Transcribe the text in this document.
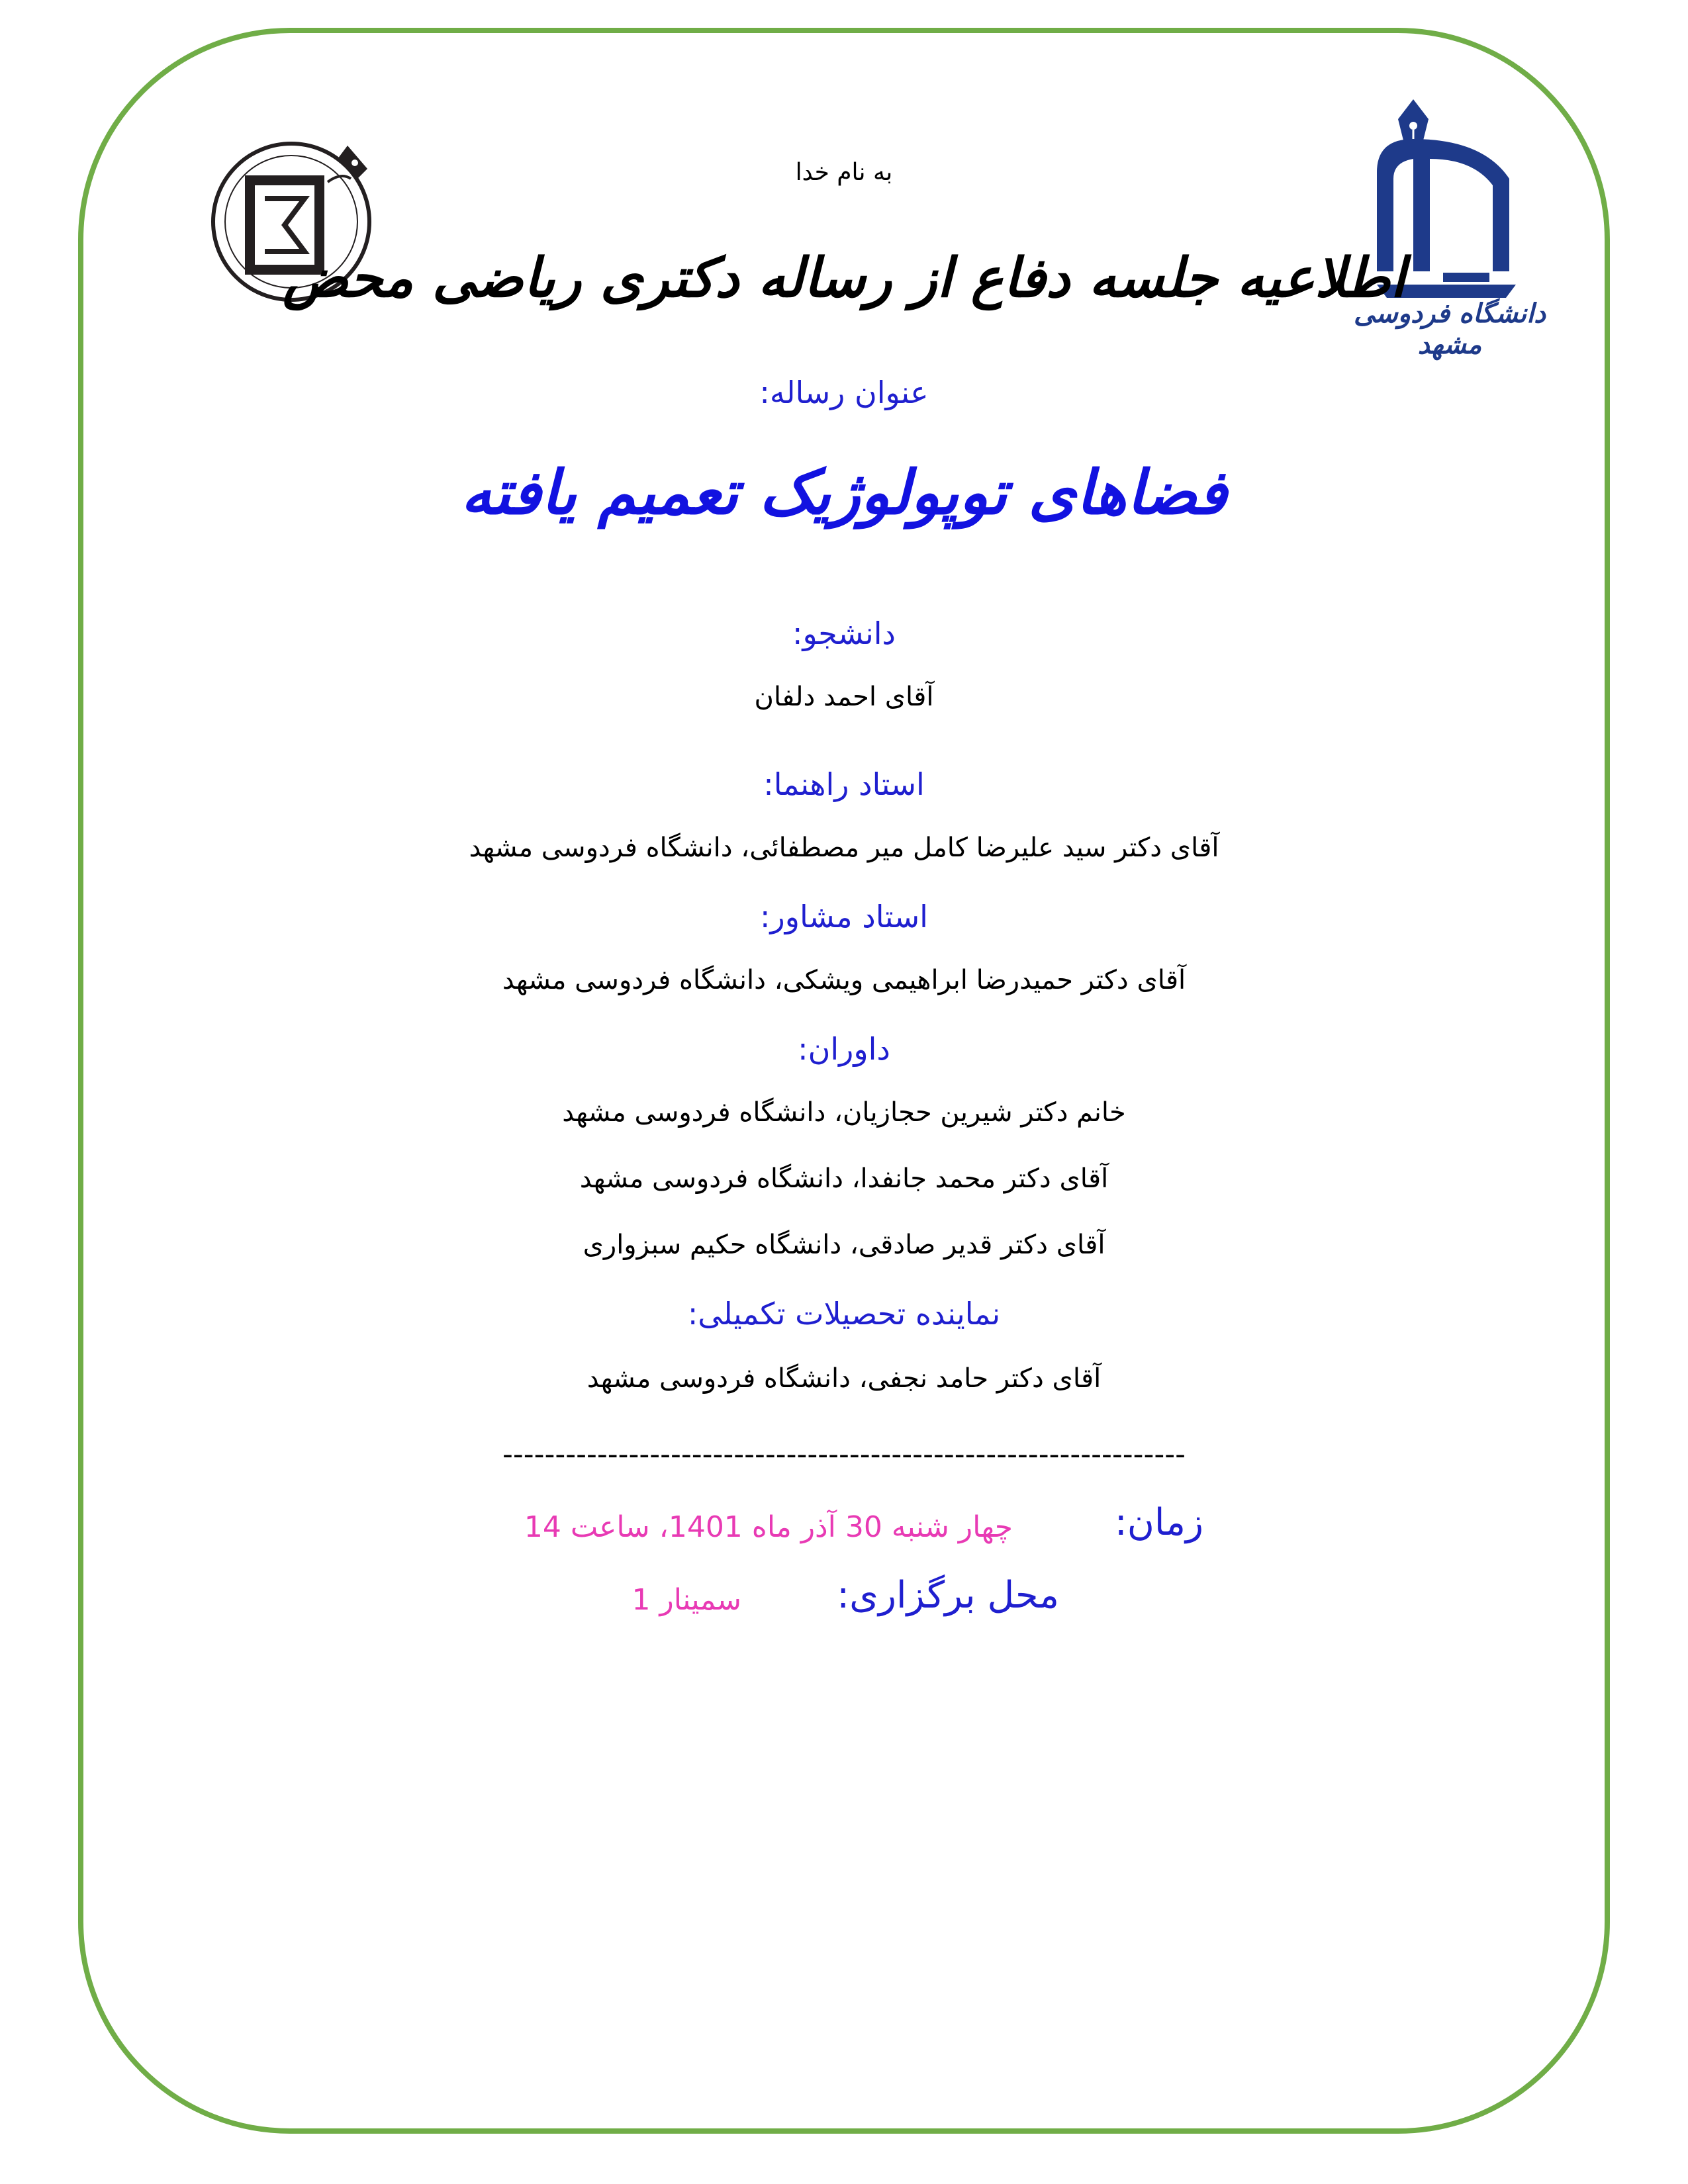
دانشگاه فردوسی مشهد
به نام خدا
اطلاعیه جلسه دفاع از رساله دکتری ریاضی محض
عنوان رساله:
فضاهای توپولوژیک تعمیم یافته
دانشجو:
آقای احمد دلفان
استاد راهنما:
آقای دکتر سید علیرضا کامل میر مصطفائی، دانشگاه فردوسی مشهد
استاد مشاور:
آقای دکتر حمیدرضا ابراهیمی ویشکی، دانشگاه فردوسی مشهد
داوران:
خانم دکتر شیرین حجازیان، دانشگاه فردوسی مشهد
آقای دکتر محمد جانفدا، دانشگاه فردوسی مشهد
آقای دکتر قدیر صادقی، دانشگاه حکیم سبزواری
نماینده تحصیلات تکمیلی:
آقای دکتر حامد نجفی، دانشگاه فردوسی مشهد
-----------------------------------------------------------------
زمان:
چهار شنبه 30 آذر ماه 1401، ساعت 14
محل برگزاری:
سمینار 1
